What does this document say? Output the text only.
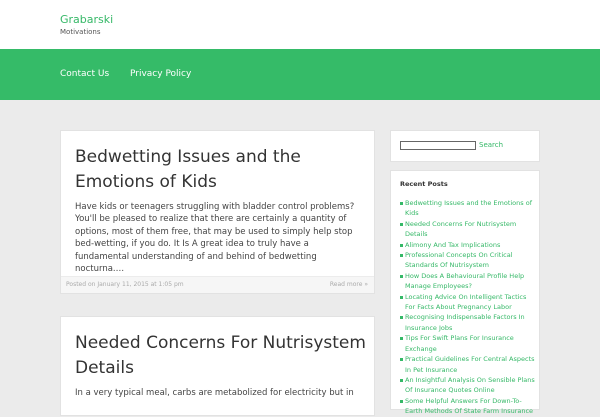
Grabarski
Motivations
Contact Us Privacy Policy
Bedwetting Issues and the
Emotions of Kids
Have kids or teenagers struggling with bladder control problems? You'll be pleased to realize that there are certainly a quantity of options, most of them free, that may be used to simply help stop bed-wetting, if you do. It Is A great idea to truly have a fundamental understanding of and behind of bedwetting nocturna.…
Posted on January 11, 2015 at 1:05 pm	Read more »
Needed Concerns For Nutrisystem
Details
In a very typical meal, carbs are metabolized for electricity but in
Search
Recent Posts
Bedwetting Issues and the Emotions of Kids
Needed Concerns For Nutrisystem Details
Alimony And Tax Implications
Professional Concepts On Critical Standards Of Nutrisystem
How Does A Behavioural Profile Help Manage Employees?
Locating Advice On Intelligent Tactics For Facts About Pregnancy Labor
Recognising Indispensable Factors In Insurance Jobs
Tips For Swift Plans For Insurance Exchange
Practical Guidelines For Central Aspects In Pet Insurance
An Insightful Analysis On Sensible Plans Of Insurance Quotes Online
Some Helpful Answers For Down-To-Earth Methods Of State Farm Insurance
